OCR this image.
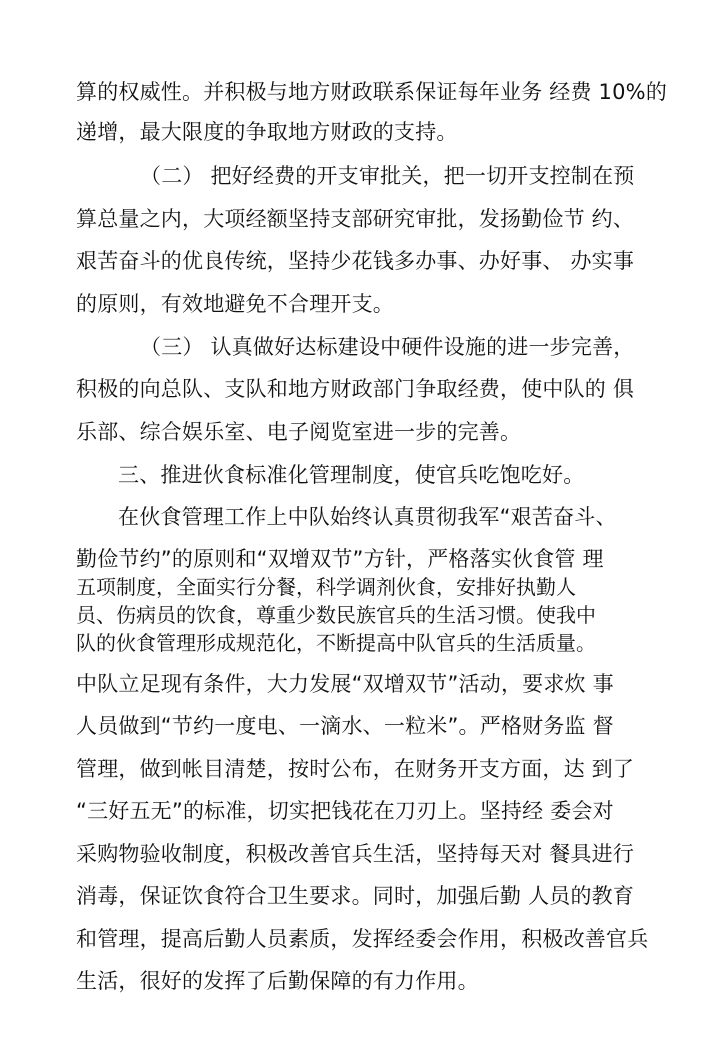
算的权威性。并积极与地方财政联系保证每年业务 经费 10%的
递增，最大限度的争取地方财政的支持。
（二） 把好经费的开支审批关，把一切开支控制在预
算总量之内，大项经额坚持支部研究审批，发扬勤俭节 约、
艰苦奋斗的优良传统，坚持少花钱多办事、办好事、 办实事
的原则，有效地避免不合理开支。
（三） 认真做好达标建设中硬件设施的进一步完善，
积极的向总队、支队和地方财政部门争取经费，使中队的 俱
乐部、综合娱乐室、电子阅览室进一步的完善。
三、推进伙食标准化管理制度，使官兵吃饱吃好。
在伙食管理工作上中队始终认真贯彻我军“艰苦奋斗、
勤俭节约”的原则和“双增双节”方针，严格落实伙食管 理
五项制度，全面实行分餐，科学调剂伙食，安排好执勤人
员、伤病员的饮食，尊重少数民族官兵的生活习惯。使我中
队的伙食管理形成规范化，不断提高中队官兵的生活质量。
中队立足现有条件，大力发展“双增双节”活动，要求炊 事
人员做到“节约一度电、一滴水、一粒米”。严格财务监 督
管理，做到帐目清楚，按时公布，在财务开支方面，达 到了
“三好五无”的标准，切实把钱花在刀刃上。坚持经 委会对
采购物验收制度，积极改善官兵生活，坚持每天对 餐具进行
消毒，保证饮食符合卫生要求。同时，加强后勤 人员的教育
和管理，提高后勤人员素质，发挥经委会作用，积极改善官兵
生活，很好的发挥了后勤保障的有力作用。
